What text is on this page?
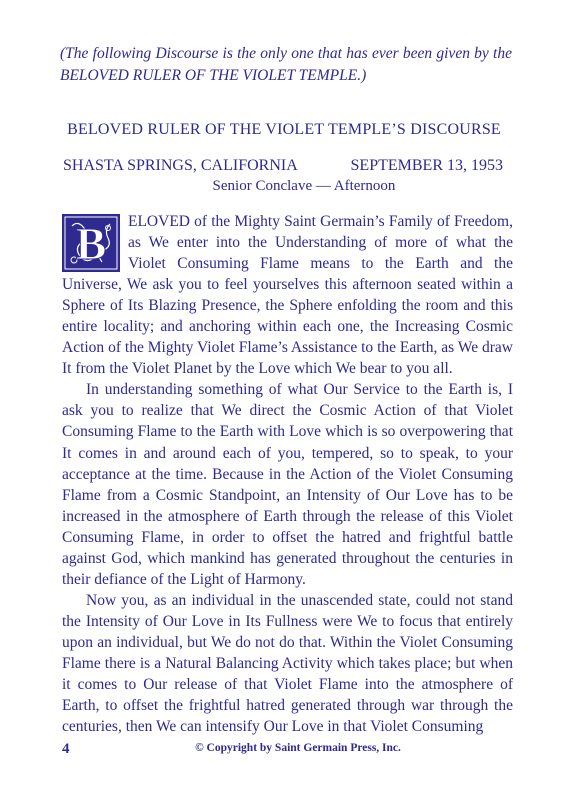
(The following Discourse is the only one that has ever been given by the BELOVED RULER OF THE VIOLET TEMPLE.)
BELOVED RULER OF THE VIOLET TEMPLE’S DISCOURSE
SHASTA SPRINGS, CALIFORNIA	SEPTEMBER 13, 1953
Senior Conclave — Afternoon
B	ELOVED of the Mighty Saint Germain’s Family of Freedom, as We enter into the Understanding of more of what the Violet Consuming Flame means to the Earth and the Universe, We ask you to feel yourselves this afternoon seated within a Sphere of Its Blazing Presence, the Sphere enfolding the room and this entire locality; and anchoring within each one, the Increasing Cosmic Action of the Mighty Violet Flame’s Assistance to the Earth, as We draw It from the Violet Planet by the Love which We bear to you all.

In understanding something of what Our Service to the Earth is, I ask you to realize that We direct the Cosmic Action of that Violet Consuming Flame to the Earth with Love which is so overpowering that It comes in and around each of you, tempered, so to speak, to your acceptance at the time. Because in the Action of the Violet Consuming Flame from a Cosmic Standpoint, an Intensity of Our Love has to be increased in the atmosphere of Earth through the release of this Violet Consuming Flame, in order to offset the hatred and frightful battle against God, which mankind has generated throughout the centuries in their defiance of the Light of Harmony.

Now you, as an individual in the unascended state, could not stand the Intensity of Our Love in Its Fullness were We to focus that entirely upon an individual, but We do not do that. Within the Violet Consuming Flame there is a Natural Balancing Activity which takes place; but when it comes to Our release of that Violet Flame into the atmosphere of Earth, to offset the frightful hatred generated through war through the centuries, then We can intensify Our Love in that Violet Consuming

4	© Copyright by Saint Germain Press, Inc.
